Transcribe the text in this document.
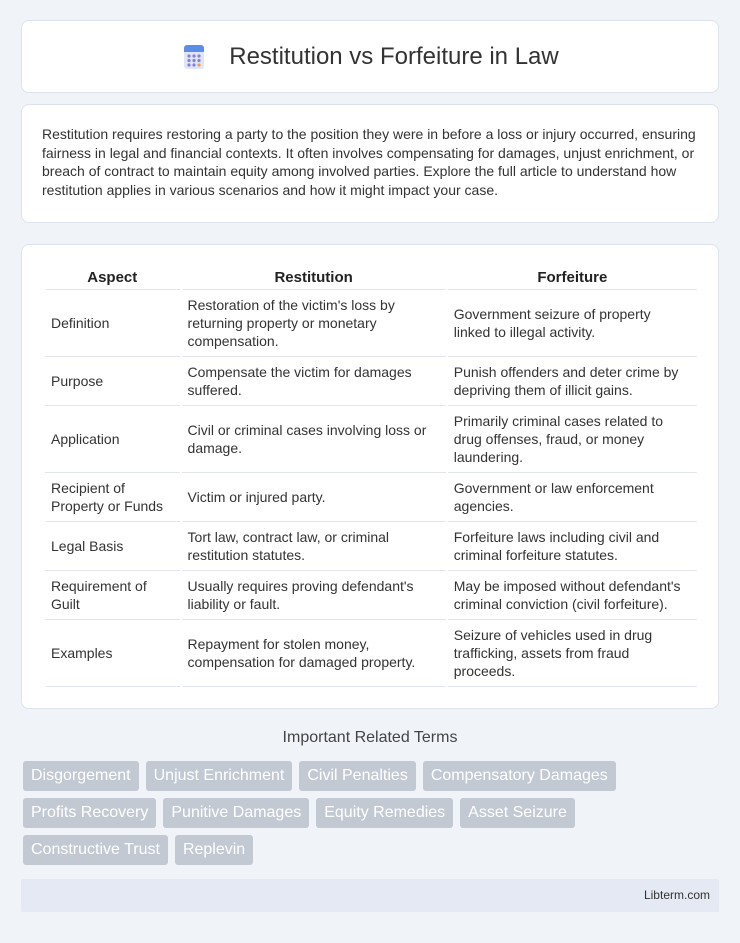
Restitution vs Forfeiture in Law

Restitution requires restoring a party to the position they were in before a loss or injury occurred, ensuring fairness in legal and financial contexts. It often involves compensating for damages, unjust enrichment, or breach of contract to maintain equity among involved parties. Explore the full article to understand how restitution applies in various scenarios and how it might impact your case.

Aspect	Restitution	Forfeiture
Definition	Restoration of the victim's loss by returning property or monetary compensation.	Government seizure of property linked to illegal activity.
Purpose	Compensate the victim for damages suffered.	Punish offenders and deter crime by depriving them of illicit gains.
Application	Civil or criminal cases involving loss or damage.	Primarily criminal cases related to drug offenses, fraud, or money laundering.
Recipient of Property or Funds	Victim or injured party.	Government or law enforcement agencies.
Legal Basis	Tort law, contract law, or criminal restitution statutes.	Forfeiture laws including civil and criminal forfeiture statutes.
Requirement of Guilt	Usually requires proving defendant's liability or fault.	May be imposed without defendant's criminal conviction (civil forfeiture).
Examples	Repayment for stolen money, compensation for damaged property.	Seizure of vehicles used in drug trafficking, assets from fraud proceeds.
Important Related Terms
Disgorgement	Unjust Enrichment	Civil Penalties	Compensatory Damages
Profits Recovery	Punitive Damages	Equity Remedies	Asset Seizure
Constructive Trust	Replevin
Libterm.com
